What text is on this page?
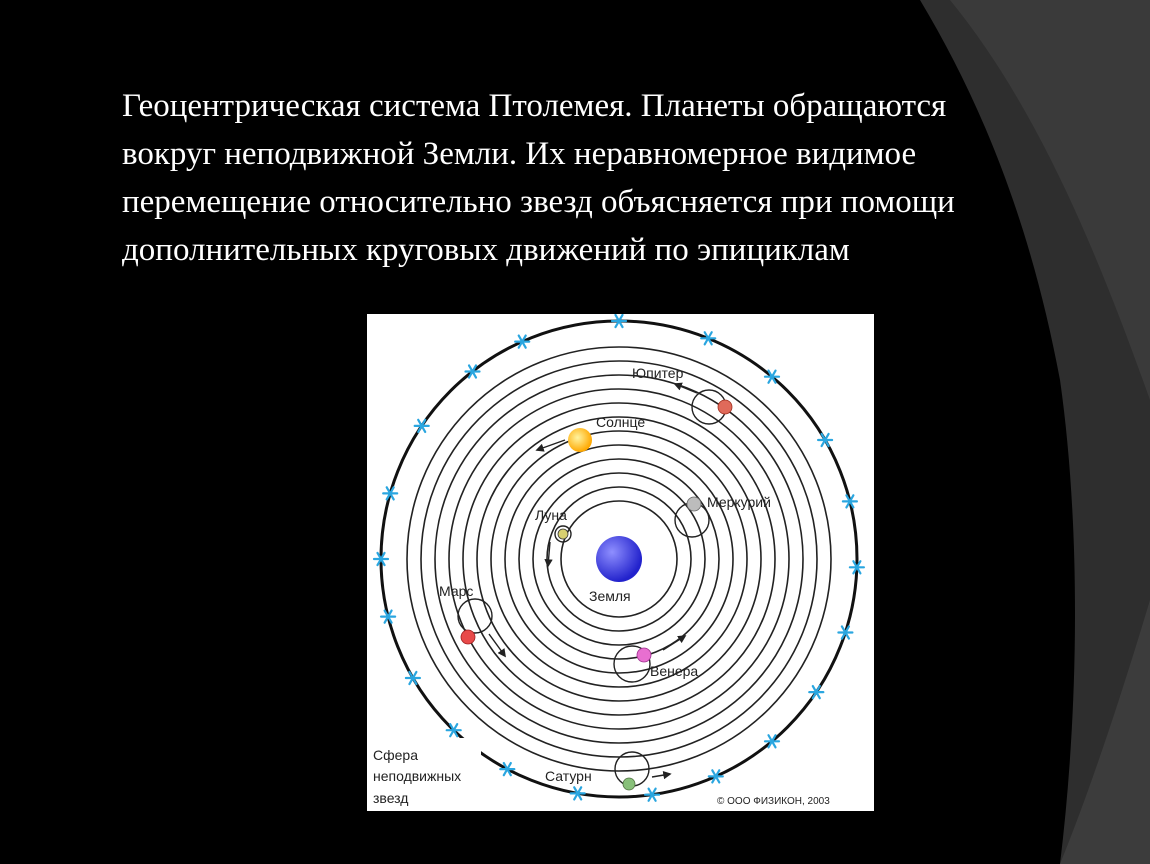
Геоцентрическая система Птолемея. Планеты обращаются
вокруг неподвижной Земли. Их неравномерное видимое
перемещение относительно звезд объясняется при помощи
дополнительных круговых движений по эпициклам
Земля
Луна
Меркурий
Венера
Солнце
Марс
Юпитер
Сатурн
Сфера
неподвижных
звезд	© ООО ФИЗИКОН, 2003
